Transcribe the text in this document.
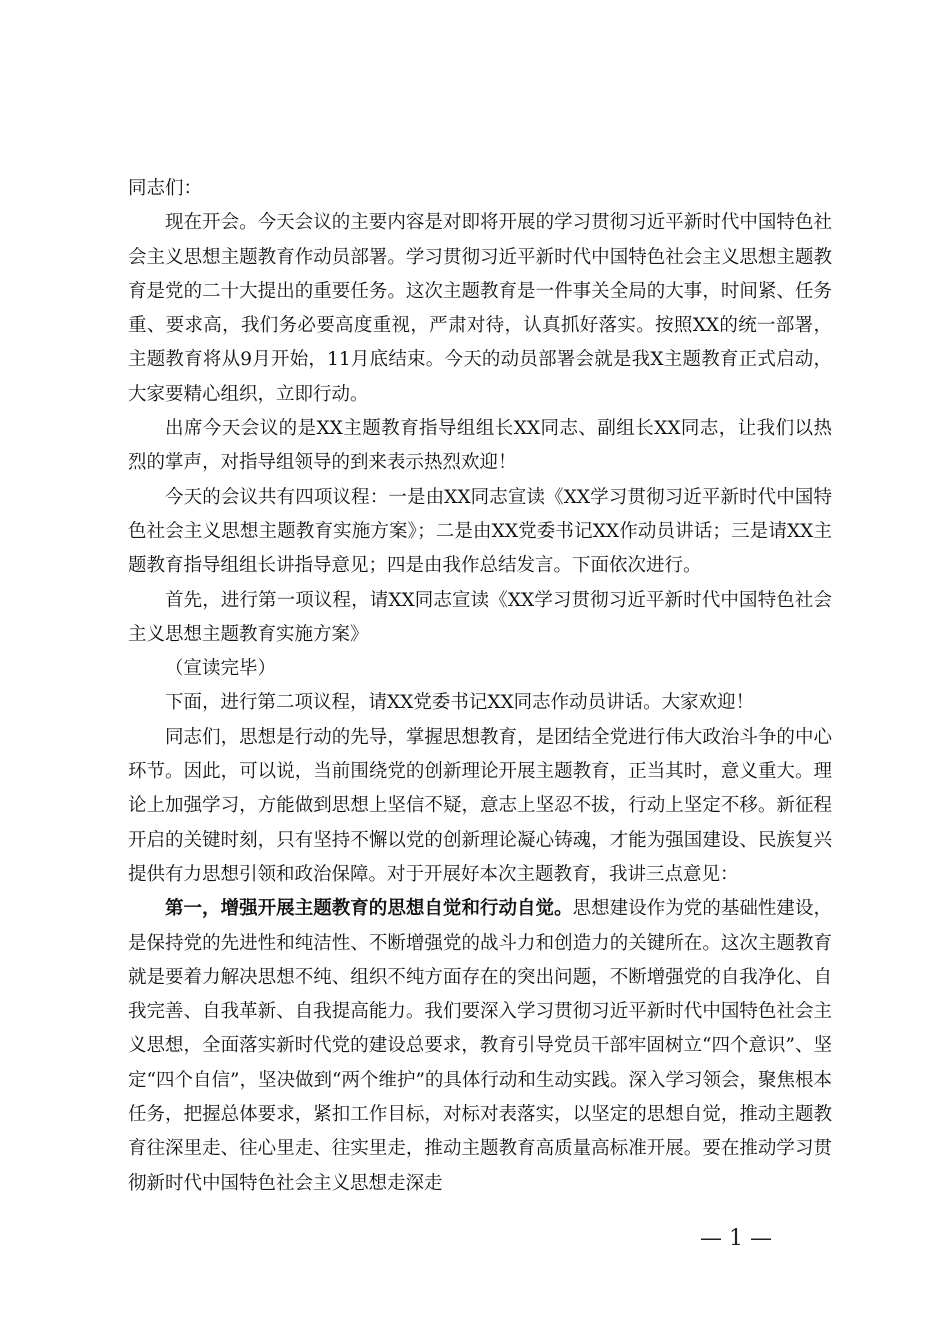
同志们：

现在开会。今天会议的主要内容是对即将开展的学习贯彻习近平新时代中国特色社会主义思想主题教育作动员部署。学习贯彻习近平新时代中国特色社会主义思想主题教育是党的二十大提出的重要任务。这次主题教育是一件事关全局的大事，时间紧、任务重、要求高，我们务必要高度重视，严肃对待，认真抓好落实。按照XX的统一部署，主题教育将从9月开始，11月底结束。今天的动员部署会就是我X主题教育正式启动，大家要精心组织，立即行动。

出席今天会议的是XX主题教育指导组组长XX同志、副组长XX同志，让我们以热烈的掌声，对指导组领导的到来表示热烈欢迎！

今天的会议共有四项议程：一是由XX同志宣读《XX学习贯彻习近平新时代中国特色社会主义思想主题教育实施方案》；二是由XX党委书记XX作动员讲话；三是请XX主题教育指导组组长讲指导意见；四是由我作总结发言。下面依次进行。

首先，进行第一项议程，请XX同志宣读《XX学习贯彻习近平新时代中国特色社会主义思想主题教育实施方案》

（宣读完毕）

下面，进行第二项议程，请XX党委书记XX同志作动员讲话。大家欢迎！

同志们，思想是行动的先导，掌握思想教育，是团结全党进行伟大政治斗争的中心环节。因此，可以说，当前围绕党的创新理论开展主题教育，正当其时，意义重大。理论上加强学习，方能做到思想上坚信不疑，意志上坚忍不拔，行动上坚定不移。新征程开启的关键时刻，只有坚持不懈以党的创新理论凝心铸魂，才能为强国建设、民族复兴提供有力思想引领和政治保障。对于开展好本次主题教育，我讲三点意见：

第一，增强开展主题教育的思想自觉和行动自觉。思想建设作为党的基础性建设，是保持党的先进性和纯洁性、不断增强党的战斗力和创造力的关键所在。这次主题教育就是要着力解决思想不纯、组织不纯方面存在的突出问题，不断增强党的自我净化、自我完善、自我革新、自我提高能力。我们要深入学习贯彻习近平新时代中国特色社会主义思想，全面落实新时代党的建设总要求，教育引导党员干部牢固树立“四个意识”、坚定“四个自信”，坚决做到“两个维护”的具体行动和生动实践。深入学习领会，聚焦根本任务，把握总体要求，紧扣工作目标，对标对表落实，以坚定的思想自觉，推动主题教育往深里走、往心里走、往实里走，推动主题教育高质量高标准开展。要在推动学习贯彻新时代中国特色社会主义思想走深走

— 1 —
